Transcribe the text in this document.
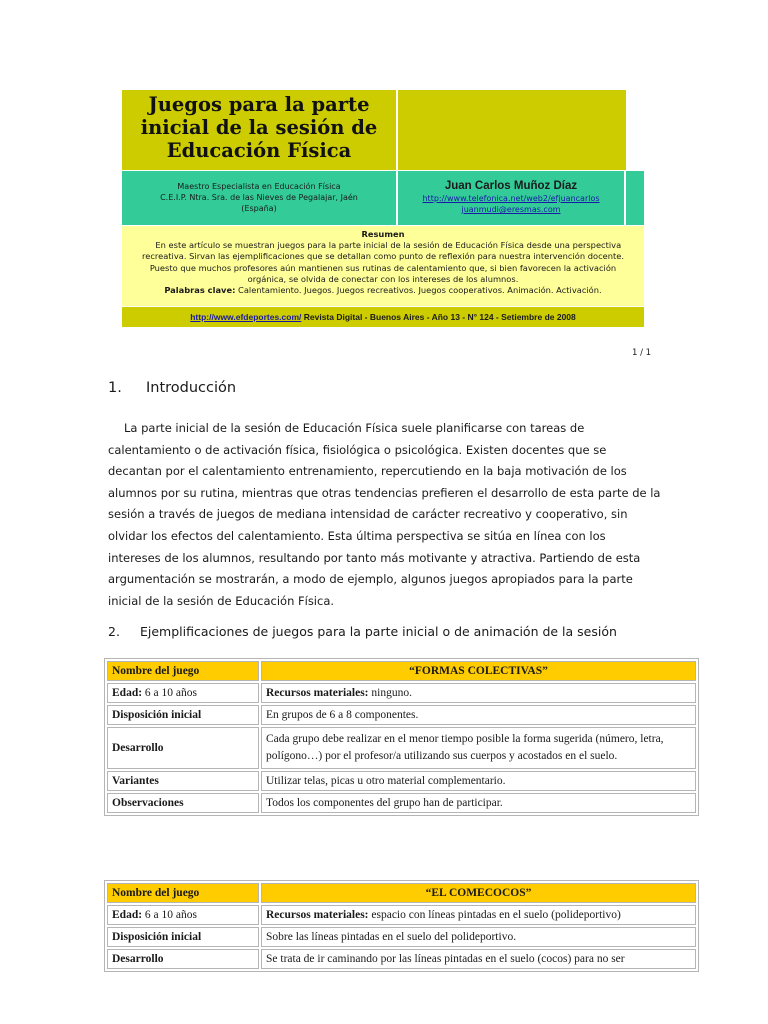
Juegos para la parte inicial de la sesión de Educación Física
Maestro Especialista en Educación Física
C.E.I.P. Ntra. Sra. de las Nieves de Pegalajar, Jaén
(España)
Juan Carlos Muñoz Díaz
http://www.telefonica.net/web2/efjuancarlos
juanmudi@eresmas.com
Resumen
En este artículo se muestran juegos para la parte inicial de la sesión de Educación Física desde una perspectiva recreativa. Sirvan las ejemplificaciones que se detallan como punto de reflexión para nuestra intervención docente. Puesto que muchos profesores aún mantienen sus rutinas de calentamiento que, si bien favorecen la activación orgánica, se olvida de conectar con los intereses de los alumnos.
Palabras clave: Calentamiento. Juegos. Juegos recreativos. Juegos cooperativos. Animación. Activación.
http://www.efdeportes.com/ Revista Digital - Buenos Aires - Año 13 - N° 124 - Setiembre de 2008
1 / 1
1. Introducción

La parte inicial de la sesión de Educación Física suele planificarse con tareas de calentamiento o de activación física, fisiológica o psicológica. Existen docentes que se decantan por el calentamiento entrenamiento, repercutiendo en la baja motivación de los alumnos por su rutina, mientras que otras tendencias prefieren el desarrollo de esta parte de la sesión a través de juegos de mediana intensidad de carácter recreativo y cooperativo, sin olvidar los efectos del calentamiento. Esta última perspectiva se sitúa en línea con los intereses de los alumnos, resultando por tanto más motivante y atractiva. Partiendo de esta argumentación se mostrarán, a modo de ejemplo, algunos juegos apropiados para la parte inicial de la sesión de Educación Física.

2. Ejemplificaciones de juegos para la parte inicial o de animación de la sesión
Nombre del juego	“FORMAS COLECTIVAS”
Edad: 6 a 10 años	Recursos materiales: ninguno.
Disposición inicial	En grupos de 6 a 8 componentes.
Desarrollo	Cada grupo debe realizar en el menor tiempo posible la forma sugerida (número, letra, polígono…) por el profesor/a utilizando sus cuerpos y acostados en el suelo.
Variantes	Utilizar telas, picas u otro material complementario.
Observaciones	Todos los componentes del grupo han de participar.
Nombre del juego	“EL COMECOCOS”
Edad: 6 a 10 años	Recursos materiales: espacio con líneas pintadas en el suelo (polideportivo)
Disposición inicial	Sobre las líneas pintadas en el suelo del polideportivo.
Desarrollo	Se trata de ir caminando por las líneas pintadas en el suelo (cocos) para no ser
